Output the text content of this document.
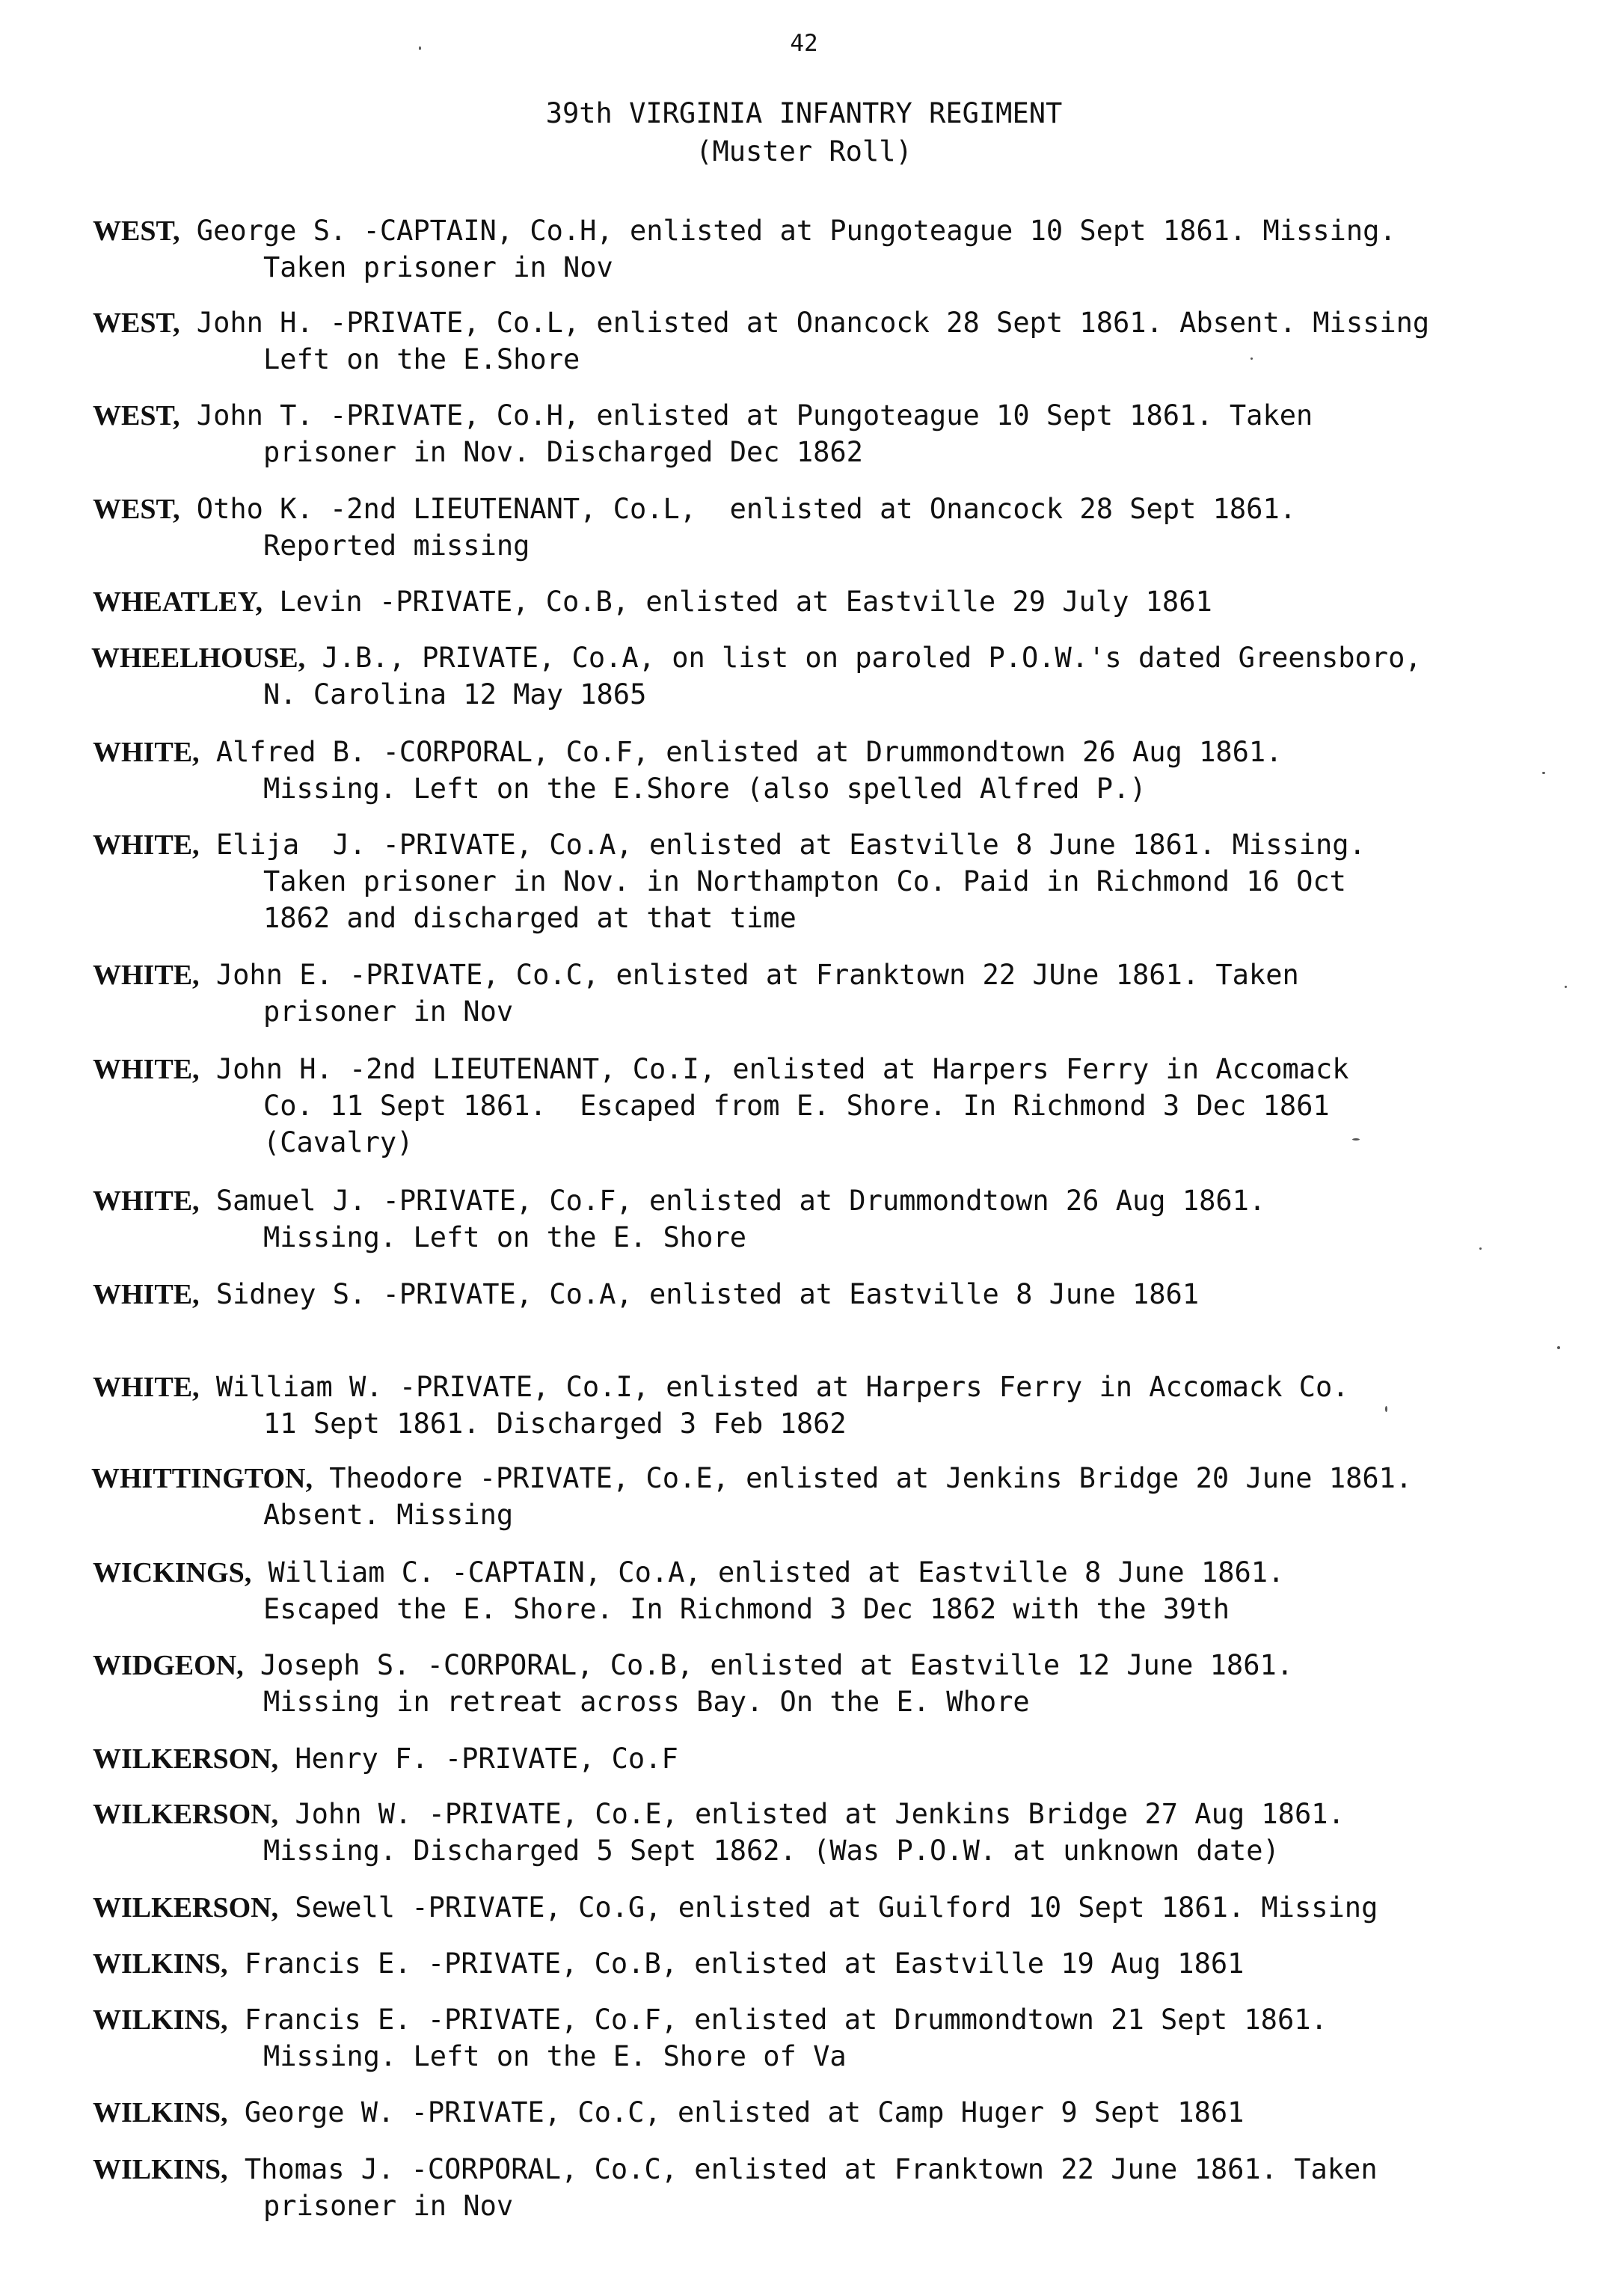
42
39th VIRGINIA INFANTRY REGIMENT
(Muster Roll)
WEST, George S. -CAPTAIN, Co.H, enlisted at Pungoteague 10 Sept 1861. Missing.
Taken prisoner in Nov
WEST, John H. -PRIVATE, Co.L, enlisted at Onancock 28 Sept 1861. Absent. Missing
Left on the E.Shore
WEST, John T. -PRIVATE, Co.H, enlisted at Pungoteague 10 Sept 1861. Taken
prisoner in Nov. Discharged Dec 1862
WEST, Otho K. -2nd LIEUTENANT, Co.L,  enlisted at Onancock 28 Sept 1861.
Reported missing
WHEATLEY, Levin -PRIVATE, Co.B, enlisted at Eastville 29 July 1861
WHEELHOUSE, J.B., PRIVATE, Co.A, on list on paroled P.O.W.'s dated Greensboro,
N. Carolina 12 May 1865
WHITE, Alfred B. -CORPORAL, Co.F, enlisted at Drummondtown 26 Aug 1861.
Missing. Left on the E.Shore (also spelled Alfred P.)
WHITE, Elija  J. -PRIVATE, Co.A, enlisted at Eastville 8 June 1861. Missing.
Taken prisoner in Nov. in Northampton Co. Paid in Richmond 16 Oct
1862 and discharged at that time
WHITE, John E. -PRIVATE, Co.C, enlisted at Franktown 22 JUne 1861. Taken
prisoner in Nov
WHITE, John H. -2nd LIEUTENANT, Co.I, enlisted at Harpers Ferry in Accomack
Co. 11 Sept 1861.  Escaped from E. Shore. In Richmond 3 Dec 1861
(Cavalry)
WHITE, Samuel J. -PRIVATE, Co.F, enlisted at Drummondtown 26 Aug 1861.
Missing. Left on the E. Shore
WHITE, Sidney S. -PRIVATE, Co.A, enlisted at Eastville 8 June 1861
WHITE, William W. -PRIVATE, Co.I, enlisted at Harpers Ferry in Accomack Co.
11 Sept 1861. Discharged 3 Feb 1862
WHITTINGTON, Theodore -PRIVATE, Co.E, enlisted at Jenkins Bridge 20 June 1861.
Absent. Missing
WICKINGS, William C. -CAPTAIN, Co.A, enlisted at Eastville 8 June 1861.
Escaped the E. Shore. In Richmond 3 Dec 1862 with the 39th
WIDGEON, Joseph S. -CORPORAL, Co.B, enlisted at Eastville 12 June 1861.
Missing in retreat across Bay. On the E. Whore
WILKERSON, Henry F. -PRIVATE, Co.F
WILKERSON, John W. -PRIVATE, Co.E, enlisted at Jenkins Bridge 27 Aug 1861.
Missing. Discharged 5 Sept 1862. (Was P.O.W. at unknown date)
WILKERSON, Sewell -PRIVATE, Co.G, enlisted at Guilford 10 Sept 1861. Missing
WILKINS, Francis E. -PRIVATE, Co.B, enlisted at Eastville 19 Aug 1861
WILKINS, Francis E. -PRIVATE, Co.F, enlisted at Drummondtown 21 Sept 1861.
Missing. Left on the E. Shore of Va
WILKINS, George W. -PRIVATE, Co.C, enlisted at Camp Huger 9 Sept 1861
WILKINS, Thomas J. -CORPORAL, Co.C, enlisted at Franktown 22 June 1861. Taken
prisoner in Nov
